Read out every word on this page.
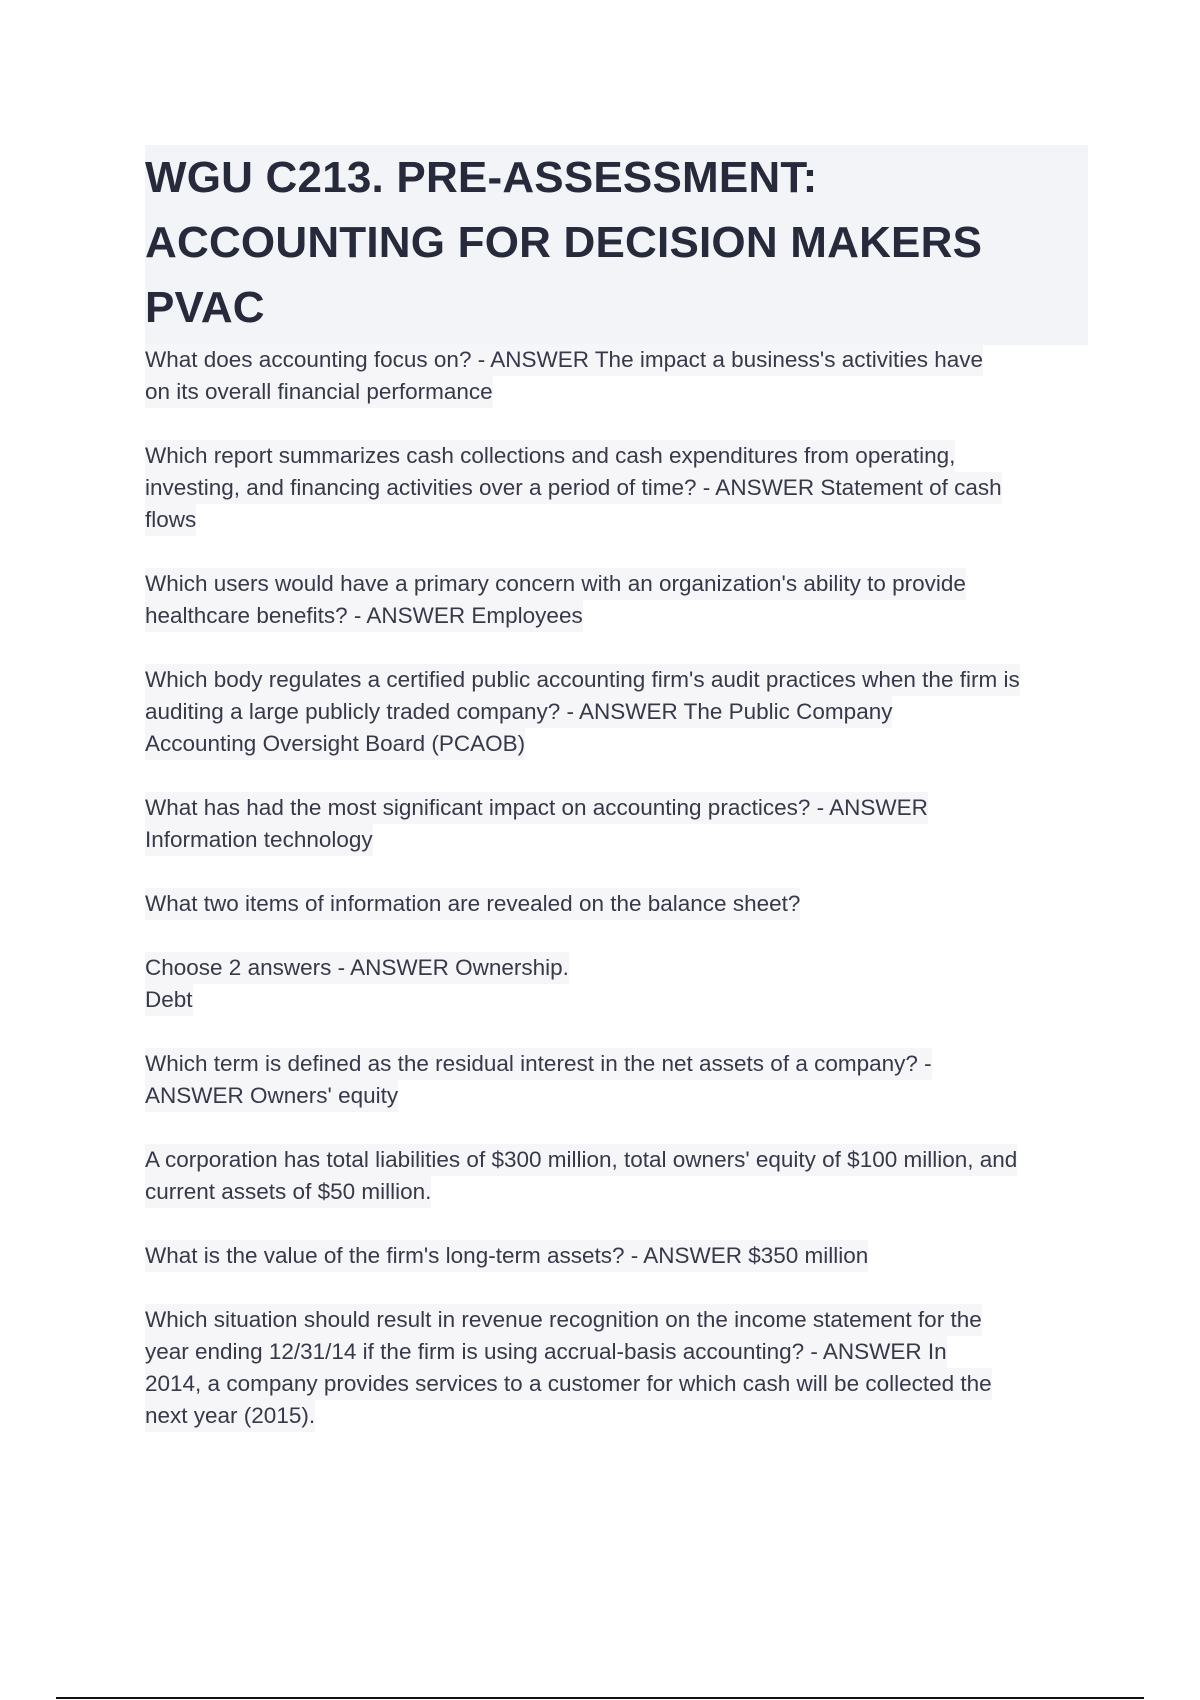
WGU C213. PRE-ASSESSMENT:
ACCOUNTING FOR DECISION MAKERS
PVAC
What does accounting focus on? - ANSWER The impact a business's activities have
on its overall financial performance
Which report summarizes cash collections and cash expenditures from operating,
investing, and financing activities over a period of time? - ANSWER Statement of cash
flows
Which users would have a primary concern with an organization's ability to provide
healthcare benefits? - ANSWER Employees
Which body regulates a certified public accounting firm's audit practices when the firm is
auditing a large publicly traded company? - ANSWER The Public Company
Accounting Oversight Board (PCAOB)
What has had the most significant impact on accounting practices? - ANSWER
Information technology
What two items of information are revealed on the balance sheet?
Choose 2 answers - ANSWER Ownership.
Debt
Which term is defined as the residual interest in the net assets of a company? -
ANSWER Owners' equity
A corporation has total liabilities of $300 million, total owners' equity of $100 million, and
current assets of $50 million.
What is the value of the firm's long-term assets? - ANSWER $350 million
Which situation should result in revenue recognition on the income statement for the
year ending 12/31/14 if the firm is using accrual-basis accounting? - ANSWER In
2014, a company provides services to a customer for which cash will be collected the
next year (2015).
